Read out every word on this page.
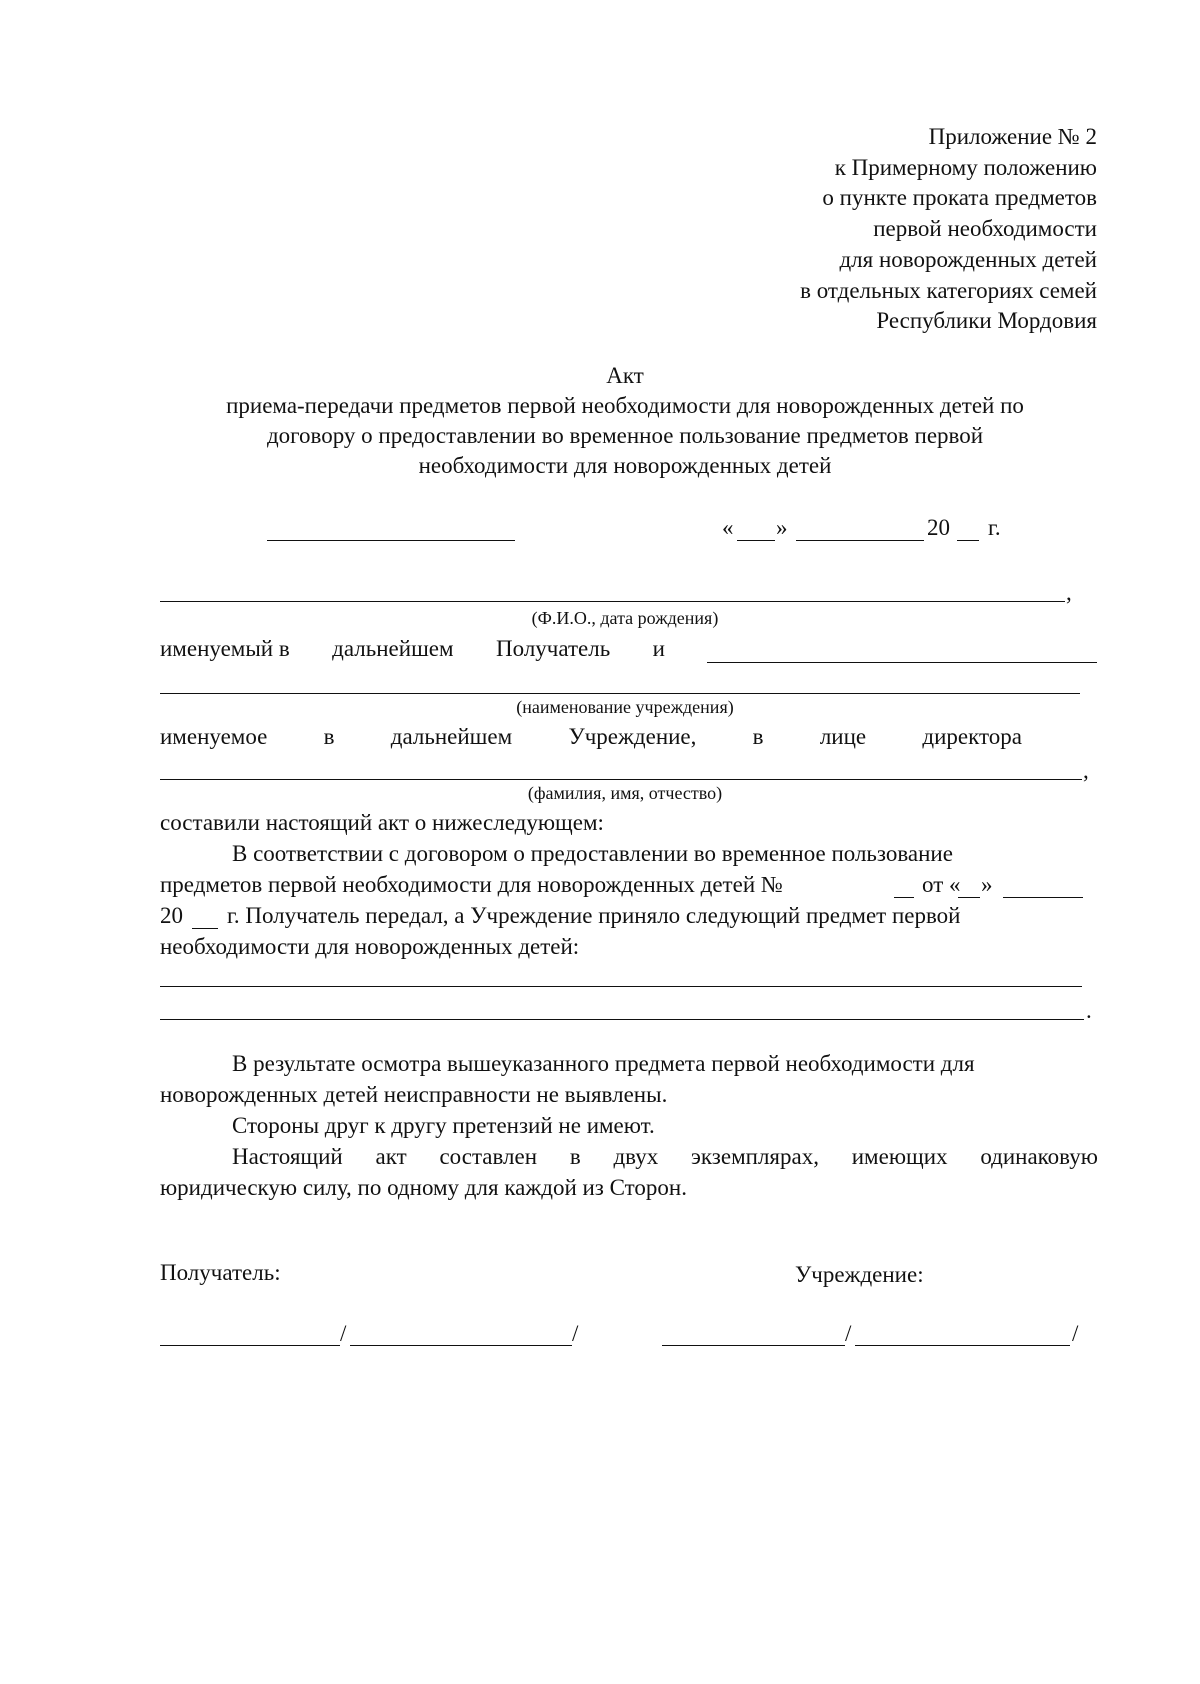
Приложение № 2
к Примерному положению
о пункте проката предметов
первой необходимости
для новорожденных детей
в отдельных категориях семей
Республики Мордовия
Акт
приема-передачи предметов первой необходимости для новорожденных детей по
договору о предоставлении во временное пользование предметов первой
необходимости для новорожденных детей
« »	20 г.
,
(Ф.И.О., дата рождения)
именуемый в дальнейшем Получатель и
(наименование учреждения)
именуемое в дальнейшем Учреждение, в лице директора
,
(фамилия, имя, отчество)
составили настоящий акт о нижеследующем:
В соответствии с договором о предоставлении во временное пользование
предметов первой необходимости для новорожденных детей №	от « »
20 г. Получатель передал, а Учреждение приняло следующий предмет первой
необходимости для новорожденных детей:
.
В результате осмотра вышеуказанного предмета первой необходимости для
новорожденных детей неисправности не выявлены.
Стороны друг к другу претензий не имеют.
Настоящий акт составлен в двух экземплярах, имеющих одинаковую
юридическую силу, по одному для каждой из Сторон.
Получатель:	Учреждение:
/	/	/	/
